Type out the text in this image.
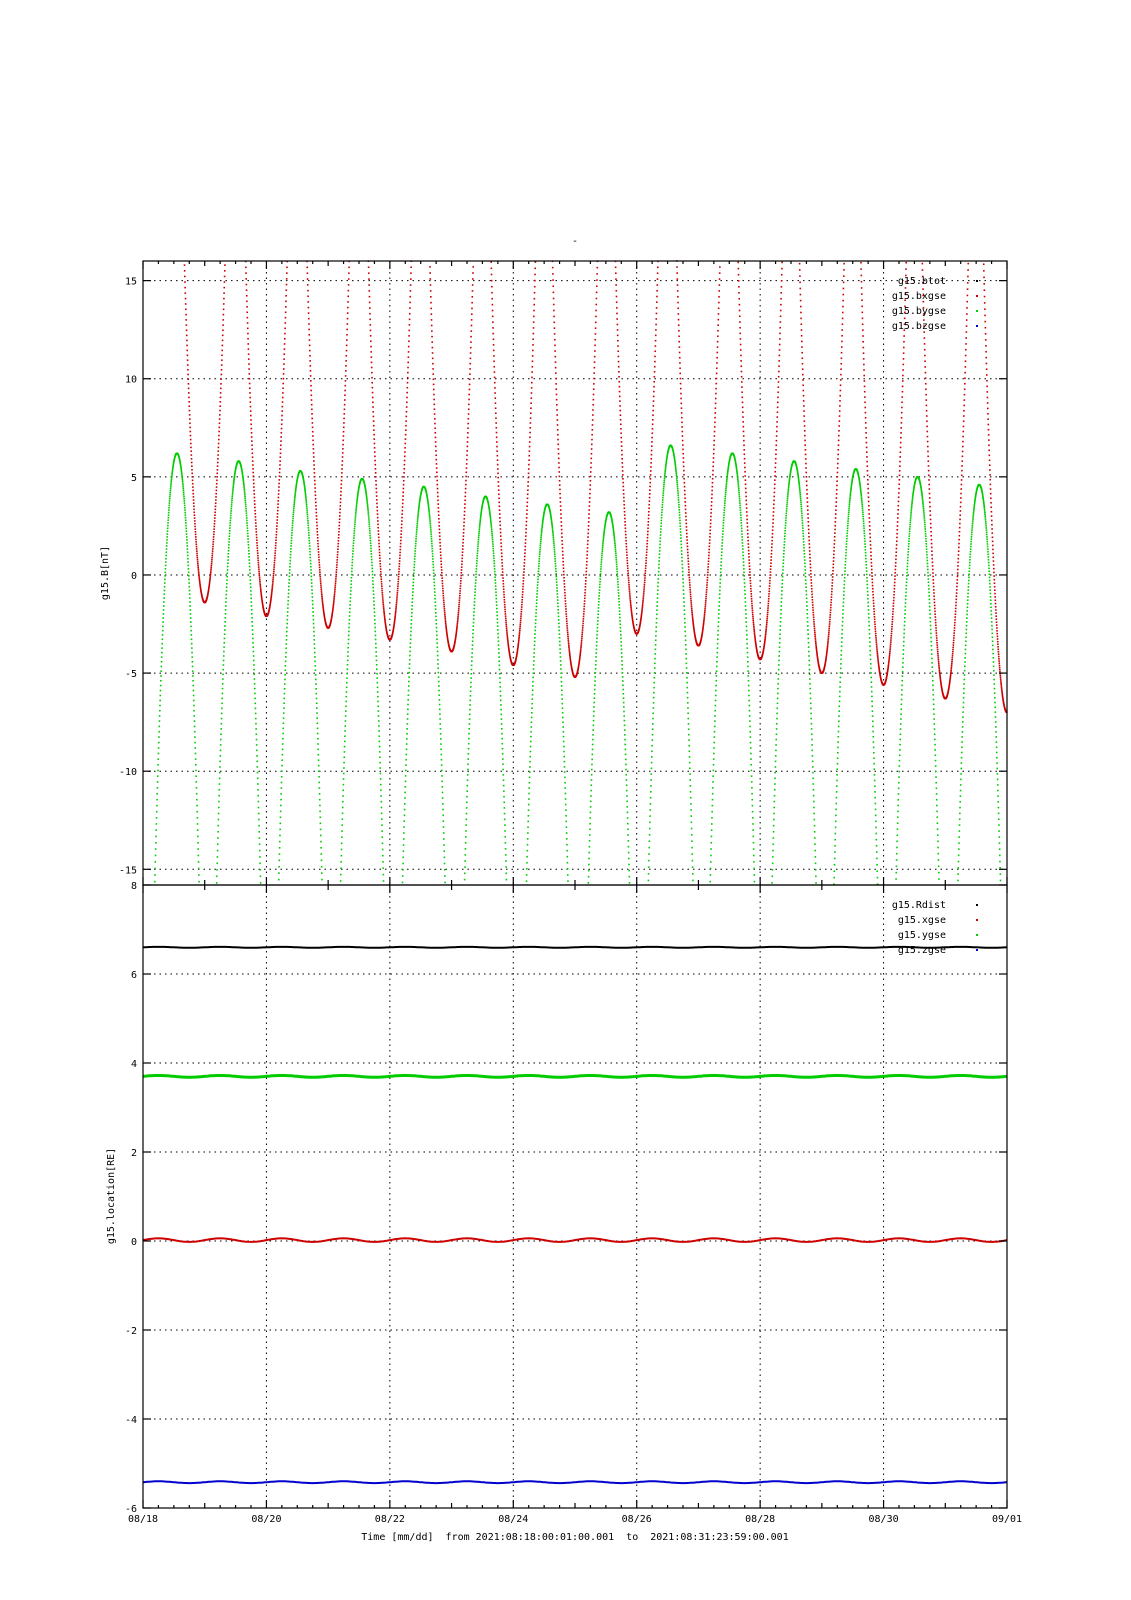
-
15
10
5
0
-5
-10
-15
g15.B[nT]
g15.btot
g15.bxgse
g15.bygse
g15.bzgse
8
6
4
2
0
-2
-4
-6
g15.location[RE]
g15.Rdist
g15.xgse
g15.ygse
g15.zgse
08/18	08/20	08/22	08/24	08/26	08/28	08/30	09/01
Time [mm/dd]  from 2021:08:18:00:01:00.001  to  2021:08:31:23:59:00.001
